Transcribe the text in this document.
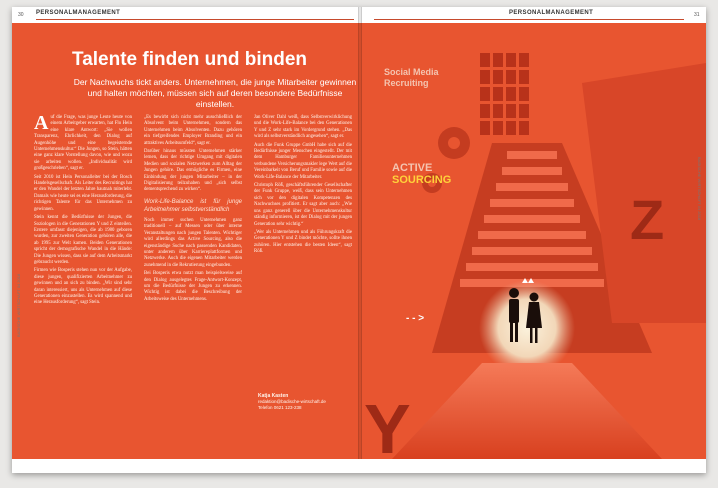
PERSONALMANAGEMENT	PERSONALMANAGEMENT
30	31
Talente finden und binden
Der Nachwuchs tickt anders. Unternehmen, die junge Mitarbeiter gewinnen und halten möchten, müssen sich auf deren besondere Bedürfnisse einstellen.

Auf die Frage, was junge Leute heute von einem Arbeitgeber erwarten, hat Flo Hein eine klare Antwort: „Sie wollen Transparenz, Ehrlichkeit, den Dialog auf Augenhöhe und eine begeisternde Unternehmenskultur.“ Die Jungen, so Stein, hätten eine ganz klare Vorstellung davon, wie und wozu sie arbeiten wollen. „Individualität wird großgeschrieben“, sagt er.

Seit 2010 ist Hein Personalleiter bei der Bosch Handelsgesellschaft. Als Leiter des Recruitings hat er den Wandel der letzten Jahre hautnah miterlebt. Damals wie heute sei es eine Herausforderung, die richtigen Talente für das Unternehmen zu gewinnen.

Stein kennt die Bedürfnisse der Jungen, die Soziologen in die Generationen Y und Z einteilen. Erstere umfasst diejenigen, die ab 1980 geboren wurden, zur zweiten Generation gehören alle, die ab 1995 zur Welt kamen. Beiden Generationen spricht der demografische Wandel in die Hände: Die Jungen wissen, dass sie auf dem Arbeitsmarkt gebraucht werden.

Firmen wie Bosperis stehen nun vor der Aufgabe, diese jungen, qualifizierten Arbeitnehmer zu gewinnen und an sich zu binden. „Wir sind sehr daran interessiert, uns als Unternehmen auf diese Generationen einzustellen. Es wird spannend und eine Herausforderung“, sagt Stein.

„Es bewirbt sich nicht mehr ausschließlich der Absolvent beim Unternehmen, sondern das Unternehmen beim Absolventen. Dazu gehören ein tiefgreifendes Employer Branding und ein attraktives Arbeitsumfeld“, sagt er.

Darüber hinaus müssten Unternehmen stärker lernen, dass der richtige Umgang mit digitalen Medien und sozialen Netzwerken zum Alltag der Jungen gehöre. Das ermögliche es Firmen, eine Einbindung der jungen Mitarbeiter – in der Digitalisierung teilzuhaben und „sich selbst dementsprechend zu wirken“.

Work-Life-Balance ist für junge Arbeitnehmer selbstverständlich

Noch immer suchen Unternehmen ganz traditionell – auf Messen oder über interne Veranstaltungen nach jungen Talenten. Wichtiger wird allerdings das Active Sourcing, also die eigenständige Suche nach passenden Kandidaten, unter anderem über Karriereplattformen und Netzwerke. Auch die eigenen Mitarbeiter werden zunehmend in die Rekrutierung eingebunden.

Bei Bosperis etwa nutzt man beispielsweise auf den Dialog ausgelegtes Frage-Antwort-Konzept, um die Bedürfnisse der Jungen zu erkennen. Wichtig ist dabei die Beschreibung der Arbeitsweise des Unternehmens.

Jan Oliver Dahl weiß, dass Selbstverwirklichung und die Work-Life-Balance bei den Generationen Y und Z sehr stark im Vordergrund stehen. „Das wird als selbstverständlich angesehen“, sagt er.

Auch die Funk Gruppe GmbH habe sich auf die Bedürfnisse junger Menschen eingestellt. Der mit dem Hamburger Familienunternehmen verbundene Versicherungsmakler lege Wert auf die Vereinbarkeit von Beruf und Familie sowie auf die Work-Life-Balance der Mitarbeiter.

Christoph Röß, geschäftsführender Gesellschafter der Funk Gruppe, weiß, dass sein Unternehmen sich vor den digitalen Kompetenzen des Nachwuchses profitiert. Er sagt aber auch: „Wie uns ganz generell über die Unternehmenskultur ständig informieren, ist der Dialog mit der jungen Generation sehr wichtig.“

„Wer als Unternehmen und als Führungskraft die Generationen Y und Z bindet möchte, sollte ihnen zuhören. Hier entstehen die besten Ideen“, sagt Röß.

Katja Kasten
redaktion@badische-wirtschaft.de
Telefon 0621 123-238
Z
Y
Social Media
Recruiting
ACTIVE
SOURCING
- - >
BADISCHE WIRTSCHAFT 04 2018
BADISCHE WIRTSCHAFT 04 2018
